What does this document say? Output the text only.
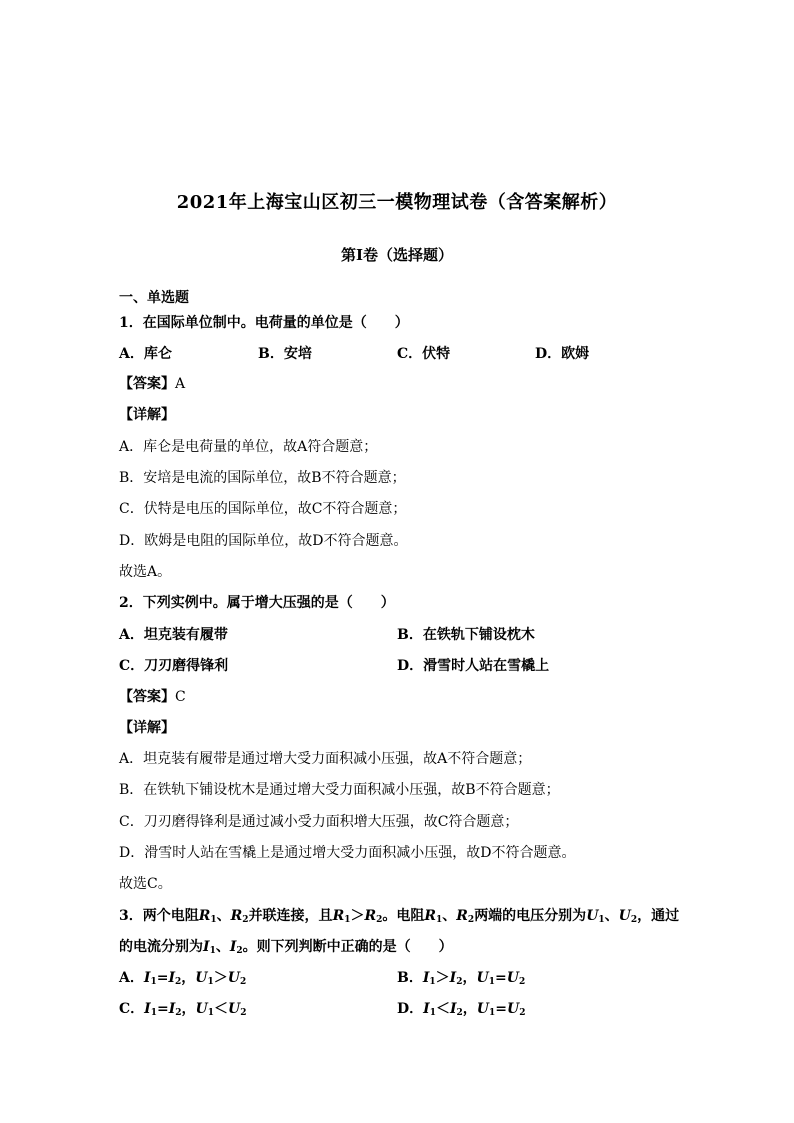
2021年上海宝山区初三一模物理试卷（含答案解析）
第I卷（选择题）
一、单选题
1．在国际单位制中。电荷量的单位是（　　）
A．库仑	B．安培	C．伏特	D．欧姆
【答案】A
【详解】
A．库仑是电荷量的单位，故A符合题意；
B．安培是电流的国际单位，故B不符合题意；
C．伏特是电压的国际单位，故C不符合题意；
D．欧姆是电阻的国际单位，故D不符合题意。
故选A。
2．下列实例中。属于增大压强的是（　　）
A．坦克装有履带	B．在铁轨下铺设枕木
C．刀刃磨得锋利	D．滑雪时人站在雪橇上
【答案】C
【详解】
A．坦克装有履带是通过增大受力面积减小压强，故A不符合题意；
B．在铁轨下铺设枕木是通过增大受力面积减小压强，故B不符合题意；
C．刀刃磨得锋利是通过减小受力面积增大压强，故C符合题意；
D．滑雪时人站在雪橇上是通过增大受力面积减小压强，故D不符合题意。
故选C。
3．两个电阻$R_1$、$R_2$并联连接，且$R_1>R_2$。电阻$R_1$、$R_2$两端的电压分别为$U_1$、$U_2$，通过
的电流分别为$I_1$、$I_2$。则下列判断中正确的是（　　）
A．$I_1=I_2$，$U_1>U_2$	B．$I_1>I_2$，$U_1=U_2$
C．$I_1=I_2$，$U_1<U_2$	D．$I_1<I_2$，$U_1=U_2$
